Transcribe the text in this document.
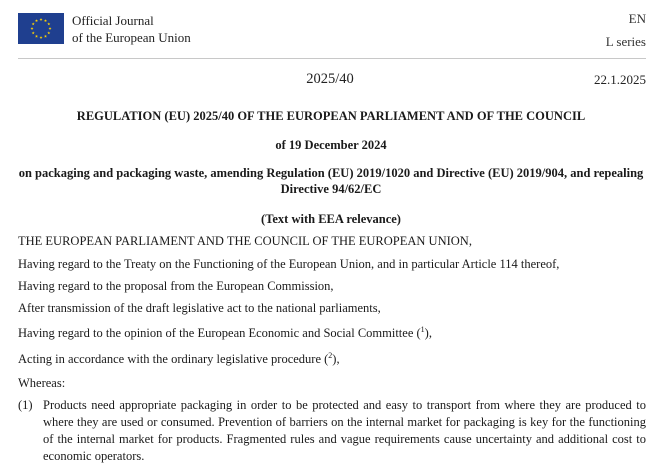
Official Journal
of the European Union
EN
L series
2025/40	22.1.2025
REGULATION (EU) 2025/40 OF THE EUROPEAN PARLIAMENT AND OF THE COUNCIL
of 19 December 2024
on packaging and packaging waste, amending Regulation (EU) 2019/1020 and Directive (EU) 2019/904, and repealing Directive 94/62/EC
(Text with EEA relevance)
THE EUROPEAN PARLIAMENT AND THE COUNCIL OF THE EUROPEAN UNION,
Having regard to the Treaty on the Functioning of the European Union, and in particular Article 114 thereof,
Having regard to the proposal from the European Commission,
After transmission of the draft legislative act to the national parliaments,
Having regard to the opinion of the European Economic and Social Committee ($^1$),
Acting in accordance with the ordinary legislative procedure ($^2$),
Whereas:
(1) Products need appropriate packaging in order to be protected and easy to transport from where they are produced to where they are used or consumed. Prevention of barriers on the internal market for packaging is key for the functioning of the internal market for products. Fragmented rules and vague requirements cause uncertainty and additional cost to economic operators.
